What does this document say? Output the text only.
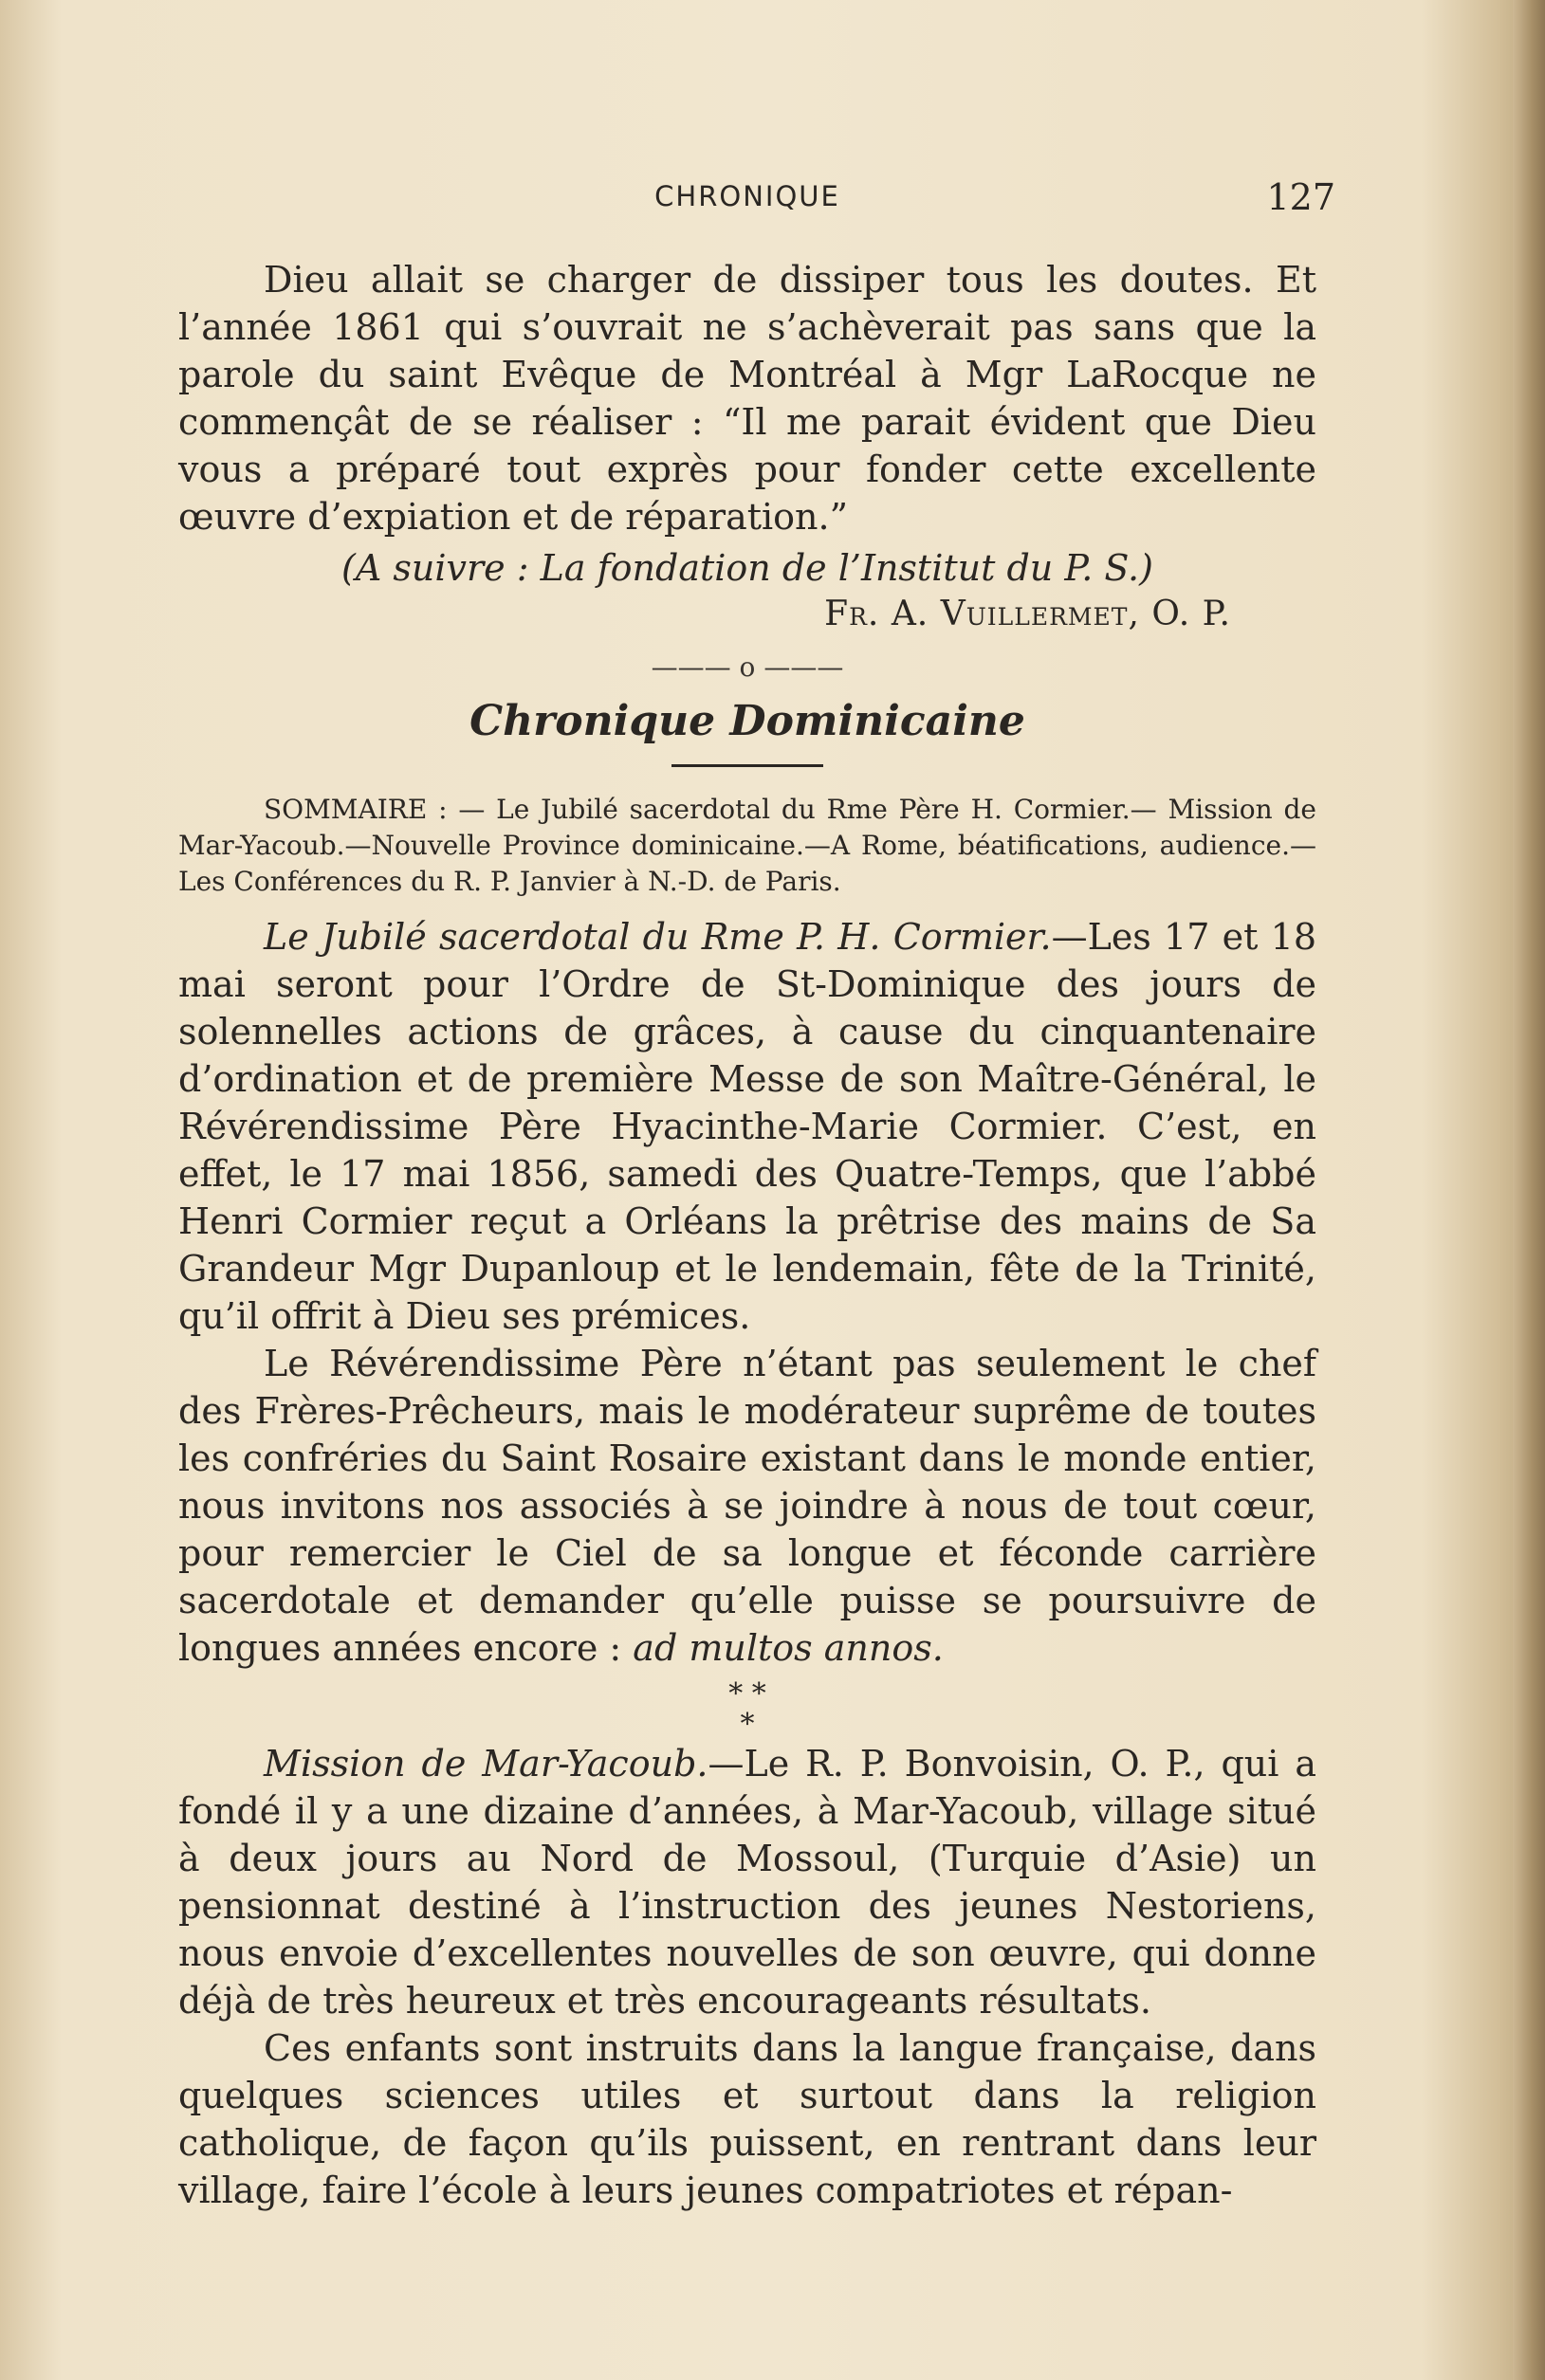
CHRONIQUE	127

Dieu allait se charger de dissiper tous les doutes. Et l’année 1861 qui s’ouvrait ne s’achèverait pas sans que la parole du saint Evêque de Montréal à Mgr LaRocque ne commençât de se réaliser : “Il me parait évident que Dieu vous a préparé tout exprès pour fonder cette excellente œuvre d’expiation et de réparation.”

(A suivre : La fondation de l’Institut du P. S.)

Fr. A. Vuillermet, O. P.

——— o ———

Chronique Dominicaine

SOMMAIRE : — Le Jubilé sacerdotal du Rme Père H. Cormier.— Mission de Mar-Yacoub.—Nouvelle Province dominicaine.—A Rome, béatifications, audience.—Les Conférences du R. P. Janvier à N.-D. de Paris.

Le Jubilé sacerdotal du Rme P. H. Cormier.—Les 17 et 18 mai seront pour l’Ordre de St-Dominique des jours de solennelles actions de grâces, à cause du cinquantenaire d’ordination et de première Messe de son Maître-Général, le Révérendissime Père Hyacinthe-Marie Cormier. C’est, en effet, le 17 mai 1856, samedi des Quatre-Temps, que l’abbé Henri Cormier reçut a Orléans la prêtrise des mains de Sa Grandeur Mgr Dupanloup et le lendemain, fête de la Trinité, qu’il offrit à Dieu ses prémices.

Le Révérendissime Père n’étant pas seulement le chef des Frères-Prêcheurs, mais le modérateur suprême de toutes les confréries du Saint Rosaire existant dans le monde entier, nous invitons nos associés à se joindre à nous de tout cœur, pour remercier le Ciel de sa longue et féconde carrière sacerdotale et demander qu’elle puisse se poursuivre de longues années encore : ad multos annos.

* *
*

Mission de Mar-Yacoub.—Le R. P. Bonvoisin, O. P., qui a fondé il y a une dizaine d’années, à Mar-Yacoub, village situé à deux jours au Nord de Mossoul, (Turquie d’Asie) un pensionnat destiné à l’instruction des jeunes Nestoriens, nous envoie d’excellentes nouvelles de son œuvre, qui donne déjà de très heureux et très encourageants résultats.

Ces enfants sont instruits dans la langue française, dans quelques sciences utiles et surtout dans la religion catholique, de façon qu’ils puissent, en rentrant dans leur village, faire l’école à leurs jeunes compatriotes et répan-
